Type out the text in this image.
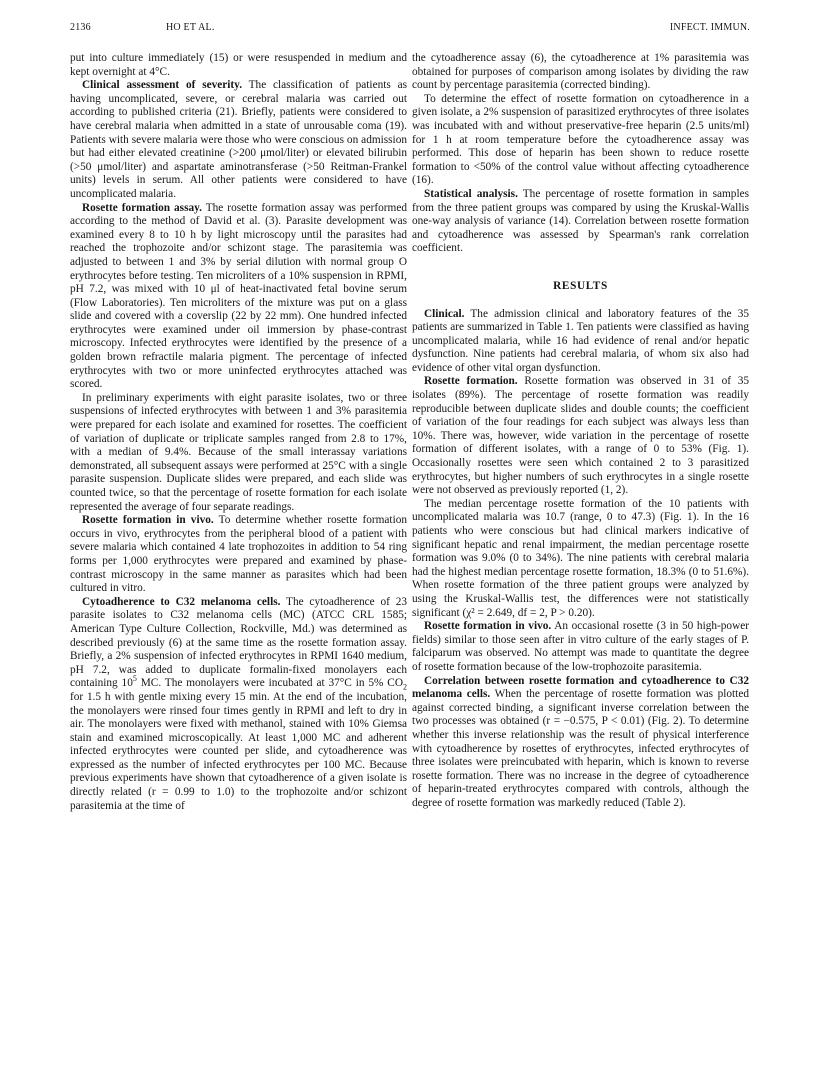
2136	HO ET AL.	INFECT. IMMUN.

put into culture immediately (15) or were resuspended in medium and kept overnight at 4°C.

Clinical assessment of severity. The classification of patients as having uncomplicated, severe, or cerebral malaria was carried out according to published criteria (21). Briefly, patients were considered to have cerebral malaria when admitted in a state of unrousable coma (19). Patients with severe malaria were those who were conscious on admission but had either elevated creatinine (>200 μmol/liter) or elevated bilirubin (>50 μmol/liter) and aspartate aminotransferase (>50 Reitman-Frankel units) levels in serum. All other patients were considered to have uncomplicated malaria.

Rosette formation assay. The rosette formation assay was performed according to the method of David et al. (3). Parasite development was examined every 8 to 10 h by light microscopy until the parasites had reached the trophozoite and/or schizont stage. The parasitemia was adjusted to between 1 and 3% by serial dilution with normal group O erythrocytes before testing. Ten microliters of a 10% suspension in RPMI, pH 7.2, was mixed with 10 μl of heat-inactivated fetal bovine serum (Flow Laboratories). Ten microliters of the mixture was put on a glass slide and covered with a coverslip (22 by 22 mm). One hundred infected erythrocytes were examined under oil immersion by phase-contrast microscopy. Infected erythrocytes were identified by the presence of a golden brown refractile malaria pigment. The percentage of infected erythrocytes with two or more uninfected erythrocytes attached was scored.

In preliminary experiments with eight parasite isolates, two or three suspensions of infected erythrocytes with between 1 and 3% parasitemia were prepared for each isolate and examined for rosettes. The coefficient of variation of duplicate or triplicate samples ranged from 2.8 to 17%, with a median of 9.4%. Because of the small interassay variations demonstrated, all subsequent assays were performed at 25°C with a single parasite suspension. Duplicate slides were prepared, and each slide was counted twice, so that the percentage of rosette formation for each isolate represented the average of four separate readings.

Rosette formation in vivo. To determine whether rosette formation occurs in vivo, erythrocytes from the peripheral blood of a patient with severe malaria which contained 4 late trophozoites in addition to 54 ring forms per 1,000 erythrocytes were prepared and examined by phase-contrast microscopy in the same manner as parasites which had been cultured in vitro.

Cytoadherence to C32 melanoma cells. The cytoadherence of 23 parasite isolates to C32 melanoma cells (MC) (ATCC CRL 1585; American Type Culture Collection, Rockville, Md.) was determined as described previously (6) at the same time as the rosette formation assay. Briefly, a 2% suspension of infected erythrocytes in RPMI 1640 medium, pH 7.2, was added to duplicate formalin-fixed monolayers each containing $10^5$ MC. The monolayers were incubated at 37°C in 5% $CO_2$ for 1.5 h with gentle mixing every 15 min. At the end of the incubation, the monolayers were rinsed four times gently in RPMI and left to dry in air. The monolayers were fixed with methanol, stained with 10% Giemsa stain and examined microscopically. At least 1,000 MC and adherent infected erythrocytes were counted per slide, and cytoadherence was expressed as the number of infected erythrocytes per 100 MC. Because previous experiments have shown that cytoadherence of a given isolate is directly related (r = 0.99 to 1.0) to the trophozoite and/or schizont parasitemia at the time of

the cytoadherence assay (6), the cytoadherence at 1% parasitemia was obtained for purposes of comparison among isolates by dividing the raw count by percentage parasitemia (corrected binding).

To determine the effect of rosette formation on cytoadherence in a given isolate, a 2% suspension of parasitized erythrocytes of three isolates was incubated with and without preservative-free heparin (2.5 units/ml) for 1 h at room temperature before the cytoadherence assay was performed. This dose of heparin has been shown to reduce rosette formation to <50% of the control value without affecting cytoadherence (16).

Statistical analysis. The percentage of rosette formation in samples from the three patient groups was compared by using the Kruskal-Wallis one-way analysis of variance (14). Correlation between rosette formation and cytoadherence was assessed by Spearman's rank correlation coefficient.

RESULTS

Clinical. The admission clinical and laboratory features of the 35 patients are summarized in Table 1. Ten patients were classified as having uncomplicated malaria, while 16 had evidence of renal and/or hepatic dysfunction. Nine patients had cerebral malaria, of whom six also had evidence of other vital organ dysfunction.

Rosette formation. Rosette formation was observed in 31 of 35 isolates (89%). The percentage of rosette formation was readily reproducible between duplicate slides and double counts; the coefficient of variation of the four readings for each subject was always less than 10%. There was, however, wide variation in the percentage of rosette formation of different isolates, with a range of 0 to 53% (Fig. 1). Occasionally rosettes were seen which contained 2 to 3 parasitized erythrocytes, but higher numbers of such erythrocytes in a single rosette were not observed as previously reported (1, 2).

The median percentage rosette formation of the 10 patients with uncomplicated malaria was 10.7 (range, 0 to 47.3) (Fig. 1). In the 16 patients who were conscious but had clinical markers indicative of significant hepatic and renal impairment, the median percentage rosette formation was 9.0% (0 to 34%). The nine patients with cerebral malaria had the highest median percentage rosette formation, 18.3% (0 to 51.6%). When rosette formation of the three patient groups were analyzed by using the Kruskal-Wallis test, the differences were not statistically significant (χ² = 2.649, df = 2, P > 0.20).

Rosette formation in vivo. An occasional rosette (3 in 50 high-power fields) similar to those seen after in vitro culture of the early stages of P. falciparum was observed. No attempt was made to quantitate the degree of rosette formation because of the low-trophozoite parasitemia.

Correlation between rosette formation and cytoadherence to C32 melanoma cells. When the percentage of rosette formation was plotted against corrected binding, a significant inverse correlation between the two processes was obtained (r = −0.575, P < 0.01) (Fig. 2). To determine whether this inverse relationship was the result of physical interference with cytoadherence by rosettes of erythrocytes, infected erythrocytes of three isolates were preincubated with heparin, which is known to reverse rosette formation. There was no increase in the degree of cytoadherence of heparin-treated erythrocytes compared with controls, although the degree of rosette formation was markedly reduced (Table 2).
